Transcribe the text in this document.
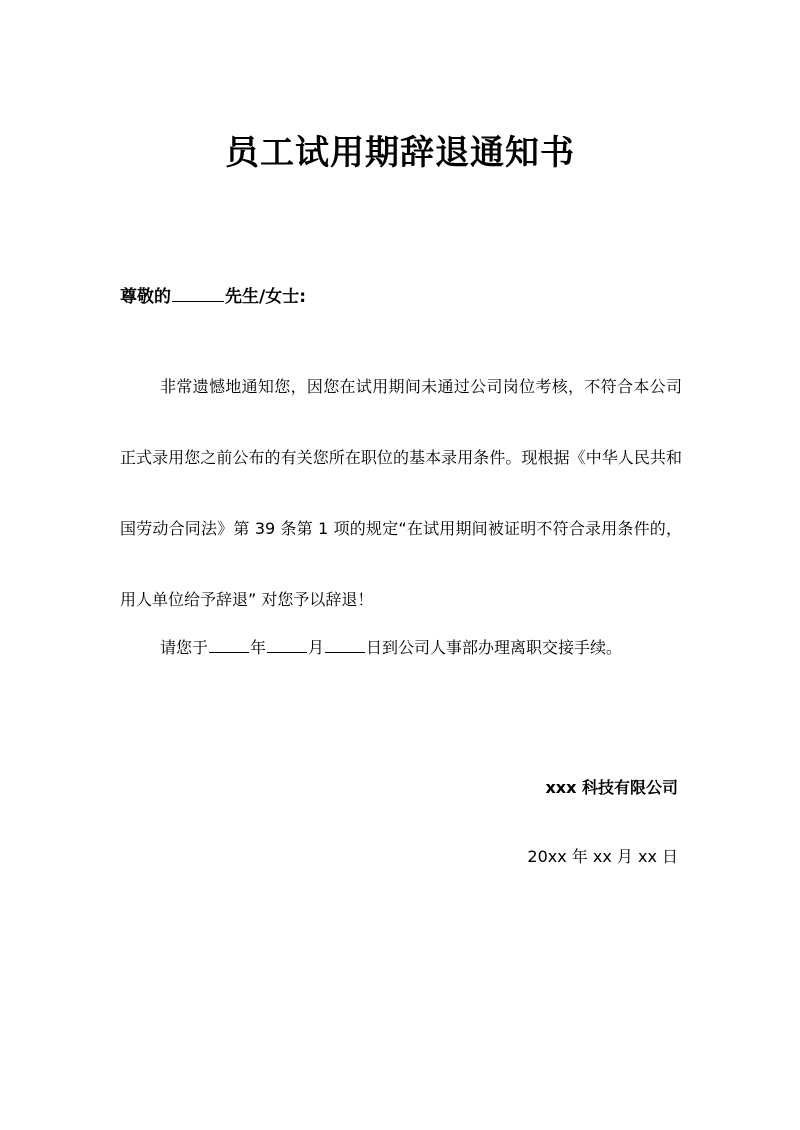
员工试用期辞退通知书
尊敬的	先生/女士:

非常遗憾地通知您，因您在试用期间未通过公司岗位考核，不符合本公司正式录用您之前公布的有关您所在职位的基本录用条件。现根据《中华人民共和国劳动合同法》第 39 条第 1 项的规定“在试用期间被证明不符合录用条件的，用人单位给予辞退” 对您予以辞退！

请您于	年	月	日到公司人事部办理离职交接手续。

xxx 科技有限公司
20xx 年 xx 月 xx 日
